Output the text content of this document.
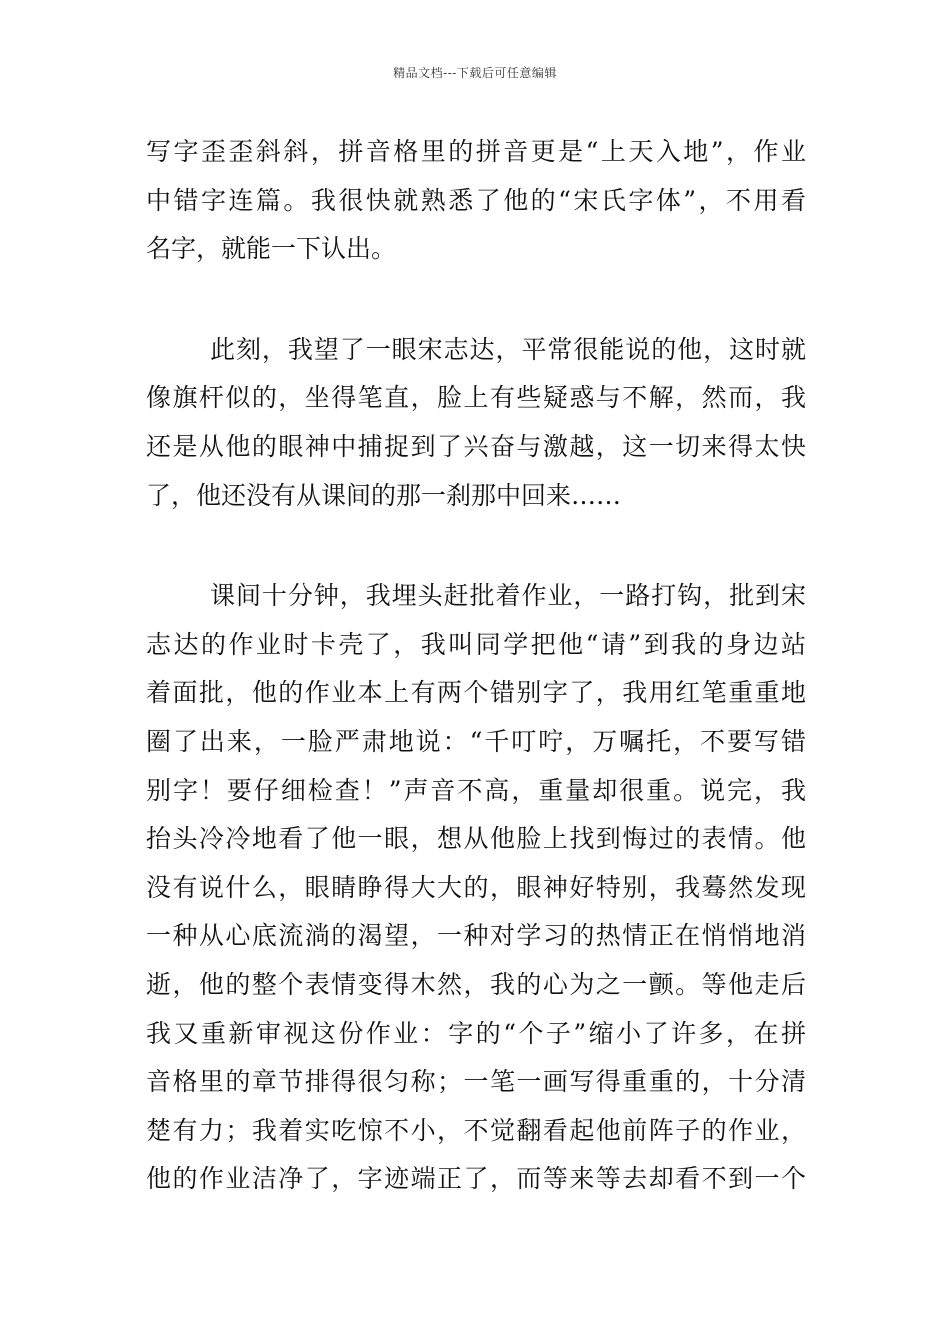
精品文档---下载后可任意编辑
写字歪歪斜斜，拼音格里的拼音更是“上天入地”，作业
中错字连篇。我很快就熟悉了他的“宋氏字体”，不用看
名字，就能一下认出。
此刻，我望了一眼宋志达，平常很能说的他，这时就
像旗杆似的，坐得笔直，脸上有些疑惑与不解，然而，我
还是从他的眼神中捕捉到了兴奋与激越，这一切来得太快
了，他还没有从课间的那一刹那中回来……
课间十分钟，我埋头赶批着作业，一路打钩，批到宋
志达的作业时卡壳了，我叫同学把他“请”到我的身边站
着面批，他的作业本上有两个错别字了，我用红笔重重地
圈了出来，一脸严肃地说：“千叮咛，万嘱托，不要写错
别字！要仔细检查！”声音不高，重量却很重。说完，我
抬头冷冷地看了他一眼，想从他脸上找到悔过的表情。他
没有说什么，眼睛睁得大大的，眼神好特别，我蓦然发现
一种从心底流淌的渴望，一种对学习的热情正在悄悄地消
逝，他的整个表情变得木然，我的心为之一颤。等他走后
我又重新审视这份作业：字的“个子”缩小了许多，在拼
音格里的章节排得很匀称；一笔一画写得重重的，十分清
楚有力；我着实吃惊不小，不觉翻看起他前阵子的作业，
他的作业洁净了，字迹端正了，而等来等去却看不到一个
